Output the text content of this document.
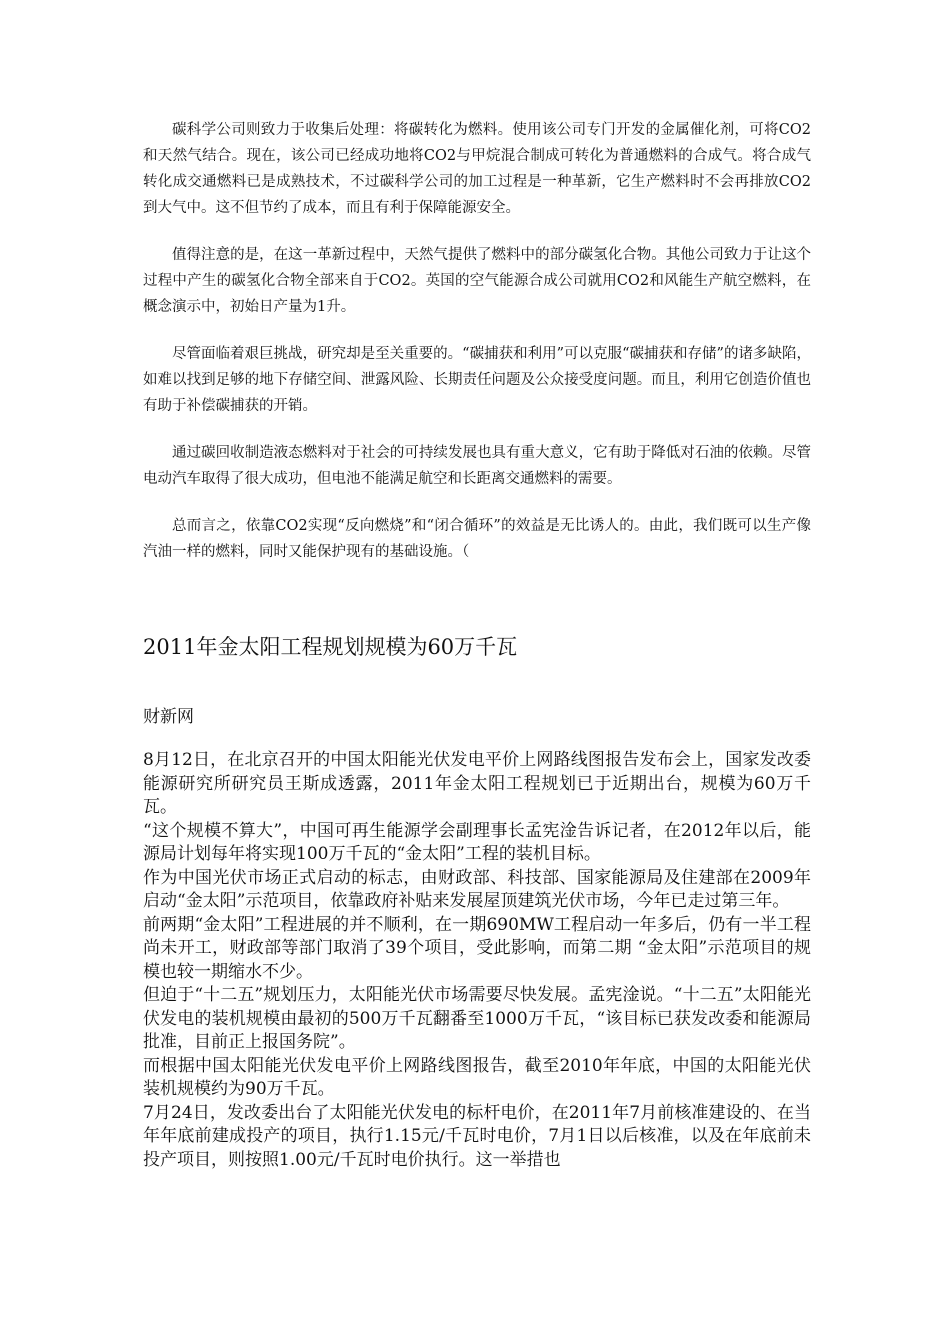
碳科学公司则致力于收集后处理：将碳转化为燃料。使用该公司专门开发的金属催化剂，可将CO2和天然气结合。现在，该公司已经成功地将CO2与甲烷混合制成可转化为普通燃料的合成气。将合成气转化成交通燃料已是成熟技术，不过碳科学公司的加工过程是一种革新，它生产燃料时不会再排放CO2到大气中。这不但节约了成本，而且有利于保障能源安全。

值得注意的是，在这一革新过程中，天然气提供了燃料中的部分碳氢化合物。其他公司致力于让这个过程中产生的碳氢化合物全部来自于CO2。英国的空气能源合成公司就用CO2和风能生产航空燃料，在概念演示中，初始日产量为1升。

尽管面临着艰巨挑战，研究却是至关重要的。“碳捕获和利用”可以克服“碳捕获和存储”的诸多缺陷，如难以找到足够的地下存储空间、泄露风险、长期责任问题及公众接受度问题。而且，利用它创造价值也有助于补偿碳捕获的开销。

通过碳回收制造液态燃料对于社会的可持续发展也具有重大意义，它有助于降低对石油的依赖。尽管电动汽车取得了很大成功，但电池不能满足航空和长距离交通燃料的需要。

总而言之，依靠CO2实现“反向燃烧”和“闭合循环”的效益是无比诱人的。由此，我们既可以生产像汽油一样的燃料，同时又能保护现有的基础设施。（

2011年金太阳工程规划规模为60万千瓦
财新网

8月12日，在北京召开的中国太阳能光伏发电平价上网路线图报告发布会上，国家发改委能源研究所研究员王斯成透露，2011年金太阳工程规划已于近期出台，规模为60万千瓦。

“这个规模不算大”，中国可再生能源学会副理事长孟宪淦告诉记者，在2012年以后，能源局计划每年将实现100万千瓦的“金太阳”工程的装机目标。

作为中国光伏市场正式启动的标志，由财政部、科技部、国家能源局及住建部在2009年启动“金太阳”示范项目，依靠政府补贴来发展屋顶建筑光伏市场，今年已走过第三年。

前两期“金太阳”工程进展的并不顺利，在一期690MW工程启动一年多后，仍有一半工程尚未开工，财政部等部门取消了39个项目，受此影响，而第二期 “金太阳”示范项目的规模也较一期缩水不少。

但迫于“十二五”规划压力，太阳能光伏市场需要尽快发展。孟宪淦说。“十二五”太阳能光伏发电的装机规模由最初的500万千瓦翻番至1000万千瓦，“该目标已获发改委和能源局批准，目前正上报国务院”。

而根据中国太阳能光伏发电平价上网路线图报告，截至2010年年底，中国的太阳能光伏装机规模约为90万千瓦。

7月24日，发改委出台了太阳能光伏发电的标杆电价，在2011年7月前核准建设的、在当年年底前建成投产的项目，执行1.15元/千瓦时电价，7月1日以后核准，以及在年底前未投产项目，则按照1.00元/千瓦时电价执行。这一举措也
